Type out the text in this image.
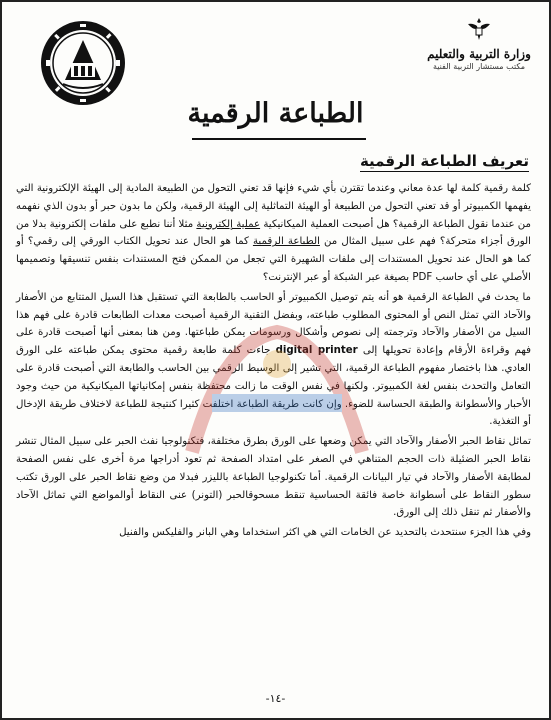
وزارة التربية والتعليم
مكتب مستشار التربية الفنية
الطباعة الرقمية
تعريف الطباعة الرقمية

كلمة رقمية كلمة لها عدة معاني وعندما تقترن بأي شيء فإنها قد تعني التحول من الطبيعة المادية إلى الهيئة الإلكترونية التي يفهمها الكمبيوتر أو قد تعني التحول من الطبيعة أو الهيئة التماثلية إلى الهيئة الرقمية، ولكن ما بدون حبر أو بدون الذي نفهمه من عندما نقول الطباعة الرقمية؟ هل أصبحت العملية الميكانيكية عملية إلكترونية مثلا أننا نطبع على ملفات إلكترونية بدلا من الورق أجزاء متحركة؟ فهم على سبيل المثال من الطباعة الرقمية كما هو الحال عند تحويل الكتاب الورقي إلى رقمي؟ أو كما هو الحال عند تحويل المستندات إلى ملفات الشهيرة التي تجعل من الممكن فتح المستندات بنفس تنسيقها وتصميمها الأصلي على أي حاسب PDF بصيغة عبر الشبكة أو عبر الإنترنت؟

ما يحدث في الطباعة الرقمية هو أنه يتم توصيل الكمبيوتر أو الحاسب بالطابعة التي تستقبل هذا السيل المتتابع من الأصفار والآحاد التي تمثل النص أو المحتوى المطلوب طباعته، وبفضل التقنية الرقمية أصبحت معدات الطابعات قادرة على فهم هذا السيل من الأصفار والآحاد وترجمته إلى نصوص وأشكال ورسومات يمكن طباعتها. ومن هنا بمعنى أنها أصبحت قادرة على فهم وقراءة الأرقام وإعادة تحويلها إلى digital printer جاءت كلمة طابعة رقمية محتوى يمكن طباعته على الورق العادي. هذا باختصار مفهوم الطباعة الرقمية، التي تشير إلى الوسيط الرقمي بين الحاسب والطابعة التي أصبحت قادرة على التعامل والتحدث بنفس لغة الكمبيوتر. ولكنها في نفس الوقت ما زالت محتفظة بنفس إمكانياتها الميكانيكية من حيث وجود الأحبار والأسطوانة والطبقة الحساسة للضوء. وإن كانت طريقة الطباعة اختلفت كثيرا كنتيجة للطباعة لاختلاف طريقة الإدخال أو التغذية.

تماثل نقاط الحبر الأصفار والآحاد التي يمكن وضعها على الورق بطرق مختلفة، فتكنولوجيا نفث الحبر على سبيل المثال تنشر نقاط الحبر الضئيلة ذات الحجم المتناهي في الصغر على امتداد الصفحة ثم تعود أدراجها مرة أخرى على نفس الصفحة لمطابقة الأصفار والآحاد في تيار البيانات الرقمية. أما تكنولوجيا الطباعة بالليزر فبدلا من وضع نقاط الحبر على الورق تكتب سطور النقاط على أسطوانة خاصة فائقة الحساسية تنقط مسحوقالحبر (التونر) عنى النقاط أوالمواضع التي تماثل الآحاد والأصفار ثم تنقل ذلك إلى الورق.

وفي هذا الجزء سنتحدث بالتحديد عن الخامات التي هي اكثر استخداما وهي البانر والفليكس والفنيل

-١٤-
